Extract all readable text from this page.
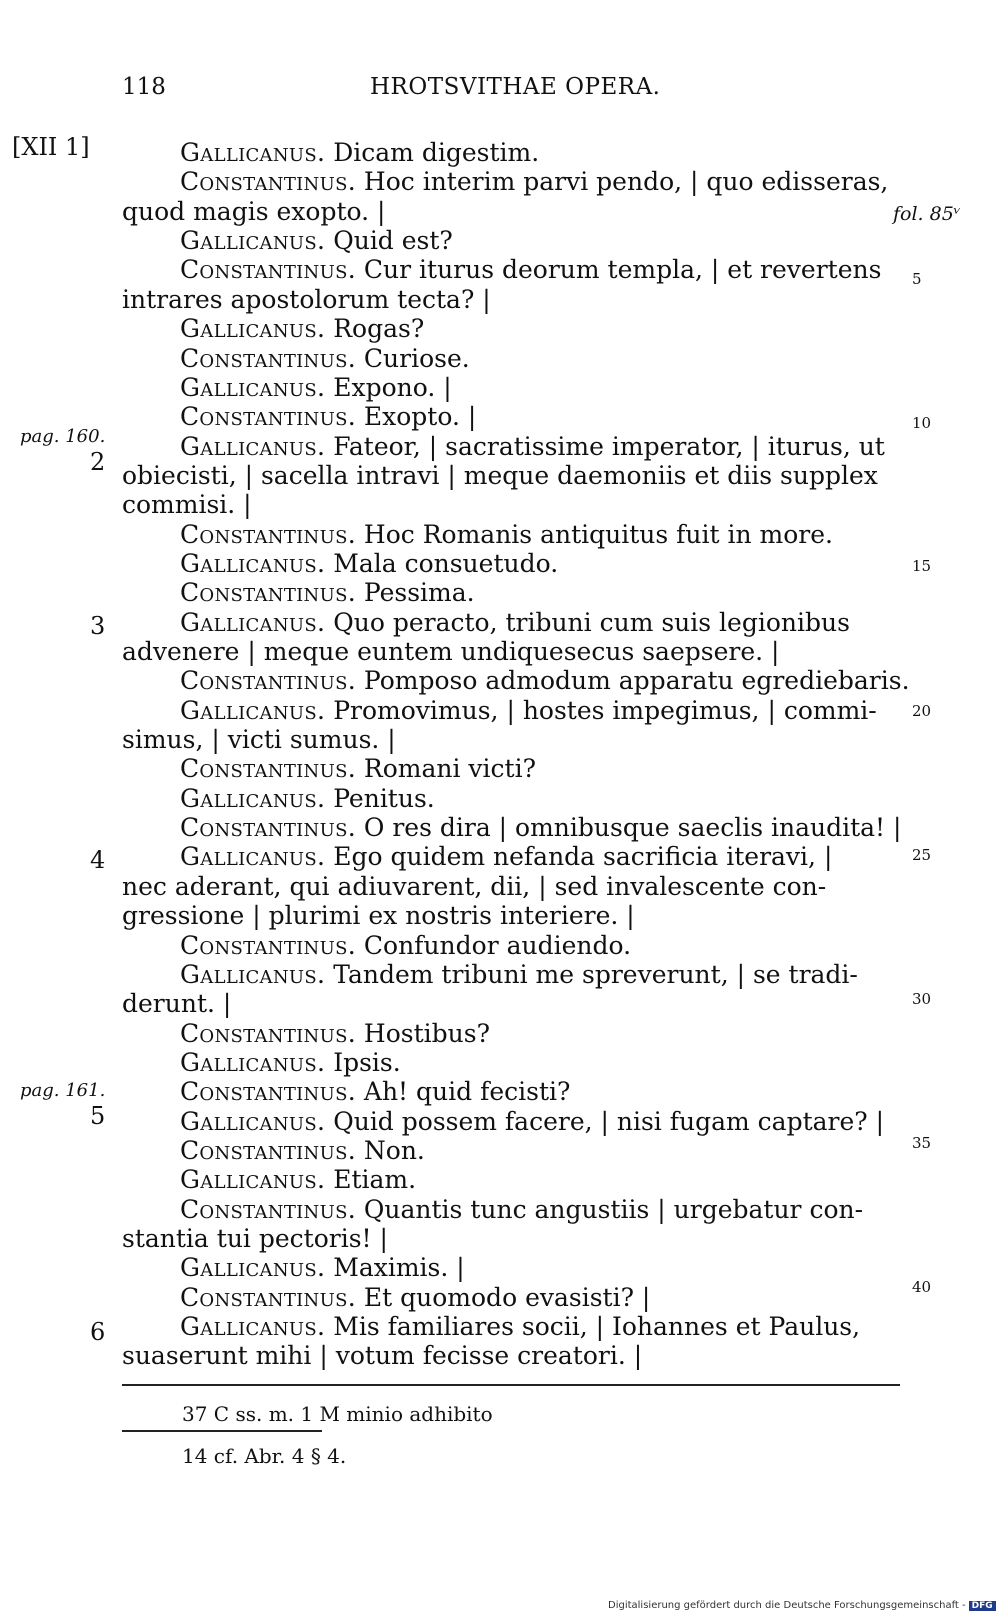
118	HROTSVITHAE OPERA.
[XII 1]
fol. 85ᵛ
Gallicanus. Dicam digestim.
Constantinus. Hoc interim parvi pendo, | quo edisseras,
quod magis exopto. |
Gallicanus. Quid est?
Constantinus. Cur iturus deorum templa, | et revertens
intrares apostolorum tecta? |
Gallicanus. Rogas?
Constantinus. Curiose.
Gallicanus. Expono. |
Constantinus. Exopto. |
Gallicanus. Fateor, | sacratissime imperator, | iturus, ut
obiecisti, | sacella intravi | meque daemoniis et diis supplex
commisi. |
Constantinus. Hoc Romanis antiquitus fuit in more.
Gallicanus. Mala consuetudo.
Constantinus. Pessima.
Gallicanus. Quo peracto, tribuni cum suis legionibus
advenere | meque euntem undiquesecus saepsere. |
Constantinus. Pomposo admodum apparatu egrediebaris.
Gallicanus. Promovimus, | hostes impegimus, | commi-
simus, | victi sumus. |
Constantinus. Romani victi?
Gallicanus. Penitus.
Constantinus. O res dira | omnibusque saeclis inaudita! |
Gallicanus. Ego quidem nefanda sacrificia iteravi, |
nec aderant, qui adiuvarent, dii, | sed invalescente con-
gressione | plurimi ex nostris interiere. |
Constantinus. Confundor audiendo.
Gallicanus. Tandem tribuni me spreverunt, | se tradi-
derunt. |
Constantinus. Hostibus?
Gallicanus. Ipsis.
Constantinus. Ah! quid fecisti?
Gallicanus. Quid possem facere, | nisi fugam captare? |
Constantinus. Non.
Gallicanus. Etiam.
Constantinus. Quantis tunc angustiis | urgebatur con-
stantia tui pectoris! |
Gallicanus. Maximis. |
Constantinus. Et quomodo evasisti? |
Gallicanus. Mis familiares socii, | Iohannes et Paulus,
suaserunt mihi | votum fecisse creatori. |
5
10
15
20
25
30
35
40
pag. 160.
2
3
4
pag. 161.
5
6
37 C ss. m. 1 M minio adhibito
14 cf. Abr. 4 § 4.
Digitalisierung gefördert durch die Deutsche Forschungsgemeinschaft - DFG
